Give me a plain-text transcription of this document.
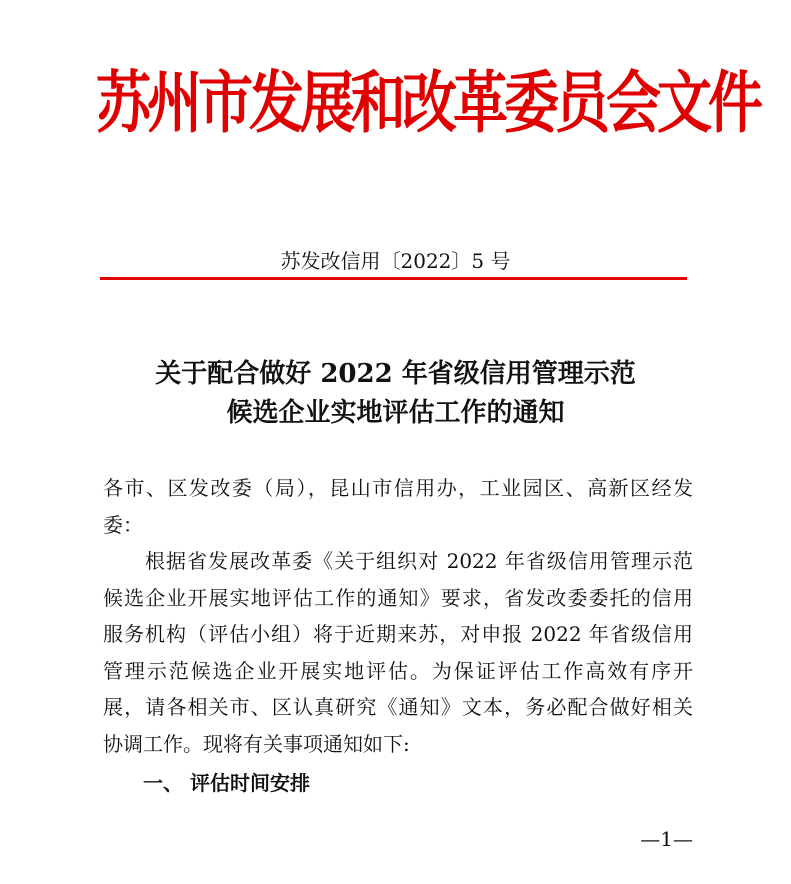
苏州市发展和改革委员会文件
苏发改信用〔2022〕5 号
关于配合做好 2022 年省级信用管理示范
候选企业实地评估工作的通知

各市、区发改委（局），昆山市信用办，工业园区、高新区经发

委：

根据省发展改革委《关于组织对 2022 年省级信用管理示范

候选企业开展实地评估工作的通知》要求，省发改委委托的信用

服务机构（评估小组）将于近期来苏，对申报 2022 年省级信用

管理示范候选企业开展实地评估。为保证评估工作高效有序开

展，请各相关市、区认真研究《通知》文本，务必配合做好相关

协调工作。现将有关事项通知如下:

一、 评估时间安排
—1—
